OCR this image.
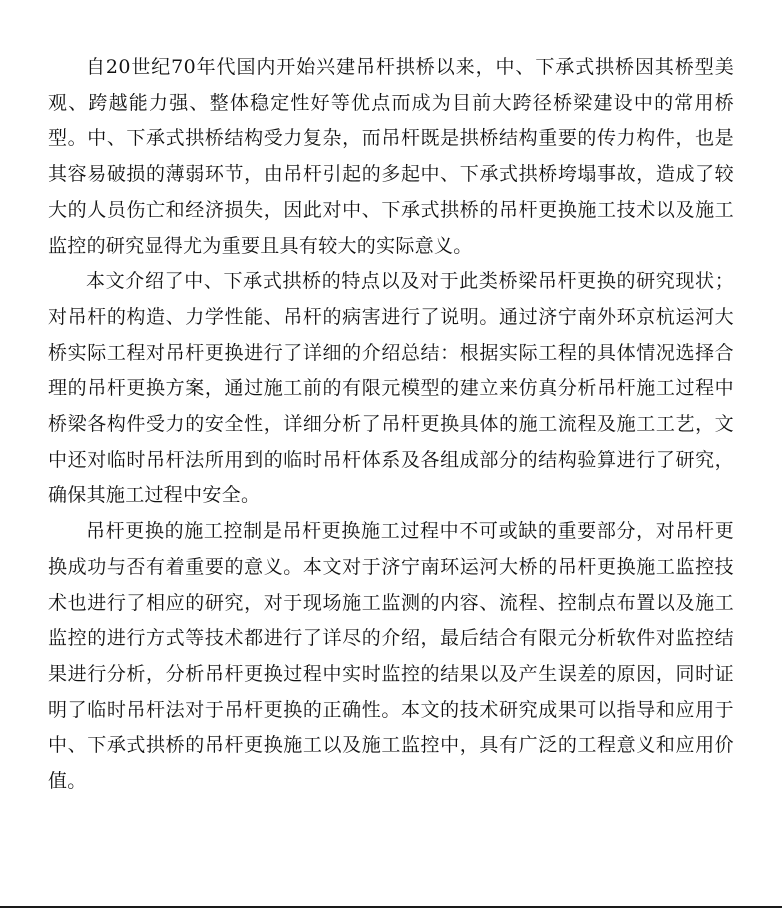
自20世纪70年代国内开始兴建吊杆拱桥以来，中、下承式拱桥因其桥型美观、跨越能力强、整体稳定性好等优点而成为目前大跨径桥梁建设中的常用桥型。中、下承式拱桥结构受力复杂，而吊杆既是拱桥结构重要的传力构件，也是其容易破损的薄弱环节，由吊杆引起的多起中、下承式拱桥垮塌事故，造成了较大的人员伤亡和经济损失，因此对中、下承式拱桥的吊杆更换施工技术以及施工监控的研究显得尤为重要且具有较大的实际意义。

本文介绍了中、下承式拱桥的特点以及对于此类桥梁吊杆更换的研究现状；对吊杆的构造、力学性能、吊杆的病害进行了说明。通过济宁南外环京杭运河大桥实际工程对吊杆更换进行了详细的介绍总结：根据实际工程的具体情况选择合理的吊杆更换方案，通过施工前的有限元模型的建立来仿真分析吊杆施工过程中桥梁各构件受力的安全性，详细分析了吊杆更换具体的施工流程及施工工艺，文中还对临时吊杆法所用到的临时吊杆体系及各组成部分的结构验算进行了研究，确保其施工过程中安全。

吊杆更换的施工控制是吊杆更换施工过程中不可或缺的重要部分，对吊杆更换成功与否有着重要的意义。本文对于济宁南环运河大桥的吊杆更换施工监控技术也进行了相应的研究，对于现场施工监测的内容、流程、控制点布置以及施工监控的进行方式等技术都进行了详尽的介绍，最后结合有限元分析软件对监控结果进行分析，分析吊杆更换过程中实时监控的结果以及产生误差的原因，同时证明了临时吊杆法对于吊杆更换的正确性。本文的技术研究成果可以指导和应用于中、下承式拱桥的吊杆更换施工以及施工监控中，具有广泛的工程意义和应用价值。
